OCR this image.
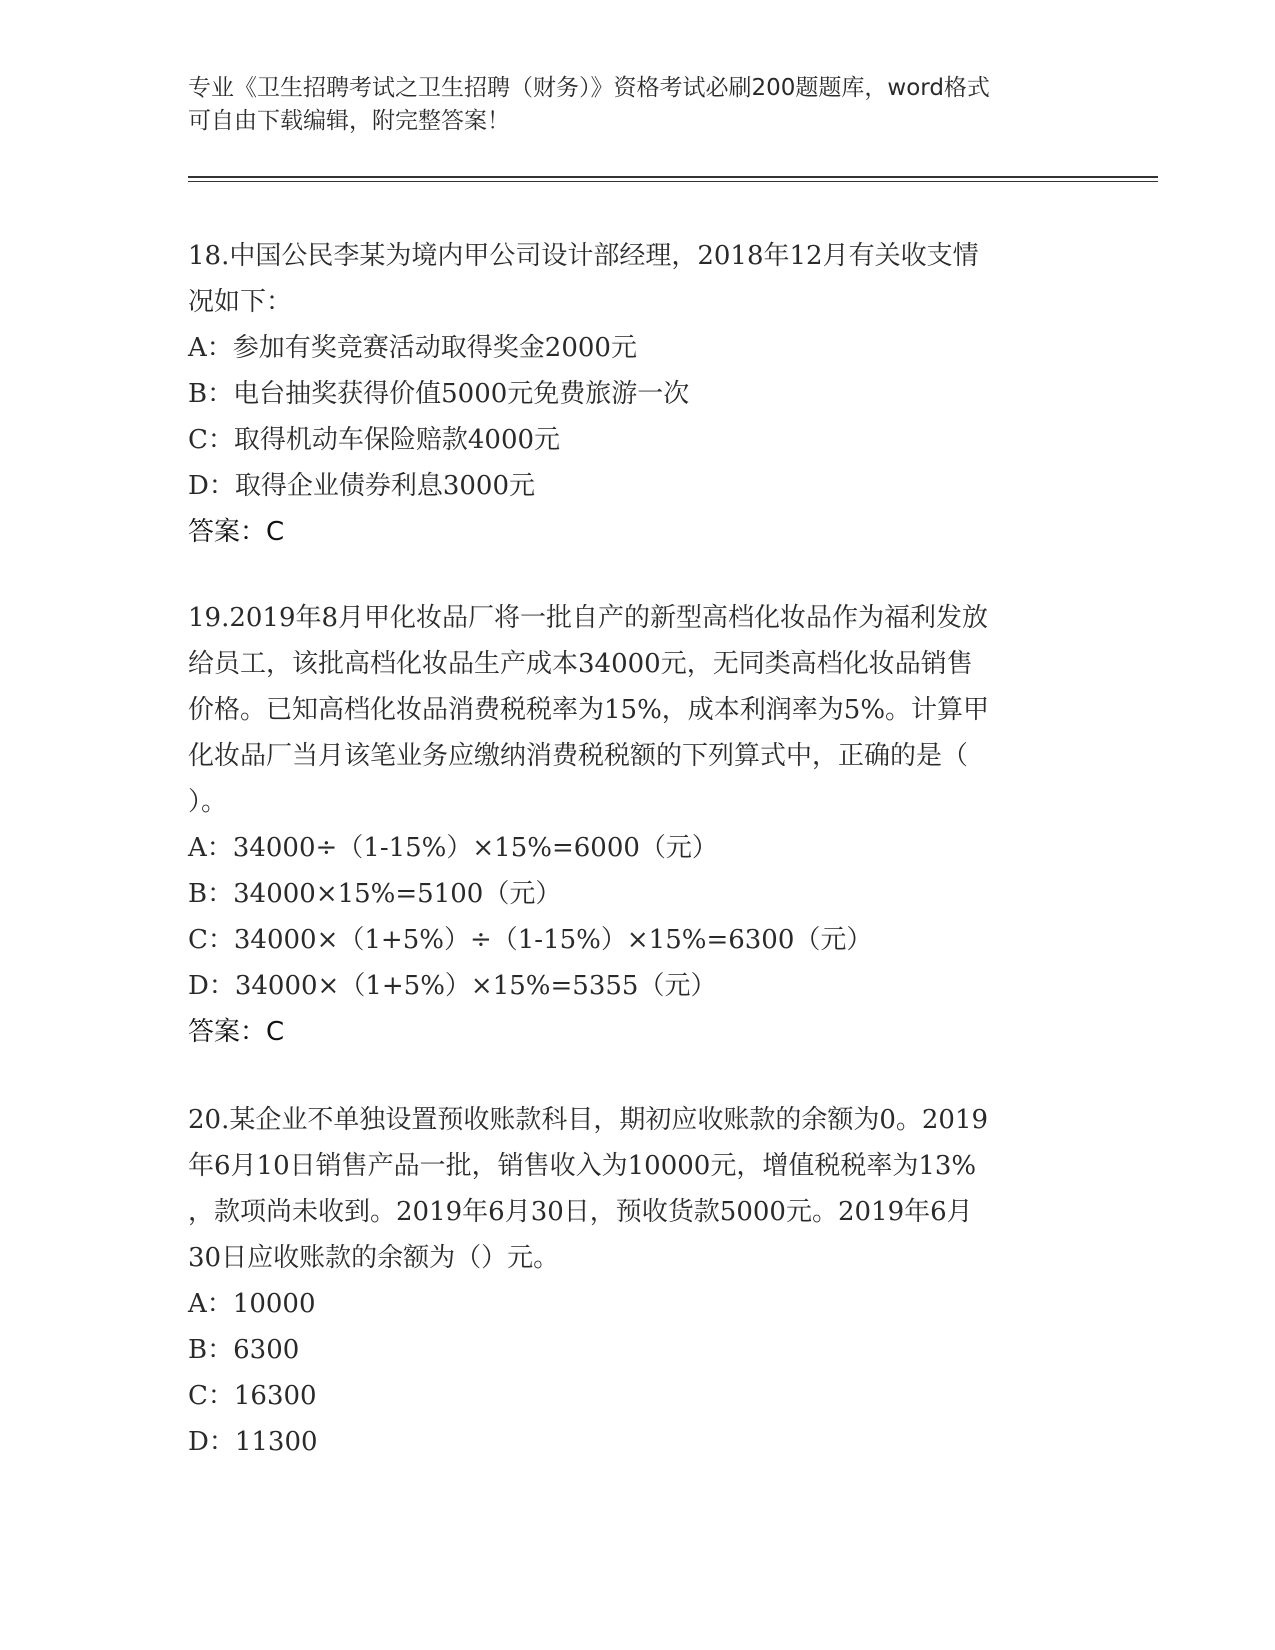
专业《卫生招聘考试之卫生招聘（财务）》资格考试必刷200题题库，word格式
可自由下载编辑，附完整答案！
18.中国公民李某为境内甲公司设计部经理，2018年12月有关收支情
况如下：
A：参加有奖竞赛活动取得奖金2000元
B：电台抽奖获得价值5000元免费旅游一次
C：取得机动车保险赔款4000元
D：取得企业债券利息3000元
答案：C
19.2019年8月甲化妆品厂将一批自产的新型高档化妆品作为福利发放
给员工，该批高档化妆品生产成本34000元，无同类高档化妆品销售
价格。已知高档化妆品消费税税率为15%，成本利润率为5%。计算甲
化妆品厂当月该笔业务应缴纳消费税税额的下列算式中，正确的是（
）。
A：34000÷（1-15%）×15%=6000（元）
B：34000×15%=5100（元）
C：34000×（1+5%）÷（1-15%）×15%=6300（元）
D：34000×（1+5%）×15%=5355（元）
答案：C
20.某企业不单独设置预收账款科目，期初应收账款的余额为0。2019
年6月10日销售产品一批，销售收入为10000元，增值税税率为13%
，款项尚未收到。2019年6月30日，预收货款5000元。2019年6月
30日应收账款的余额为（）元。
A：10000
B：6300
C：16300
D：11300
